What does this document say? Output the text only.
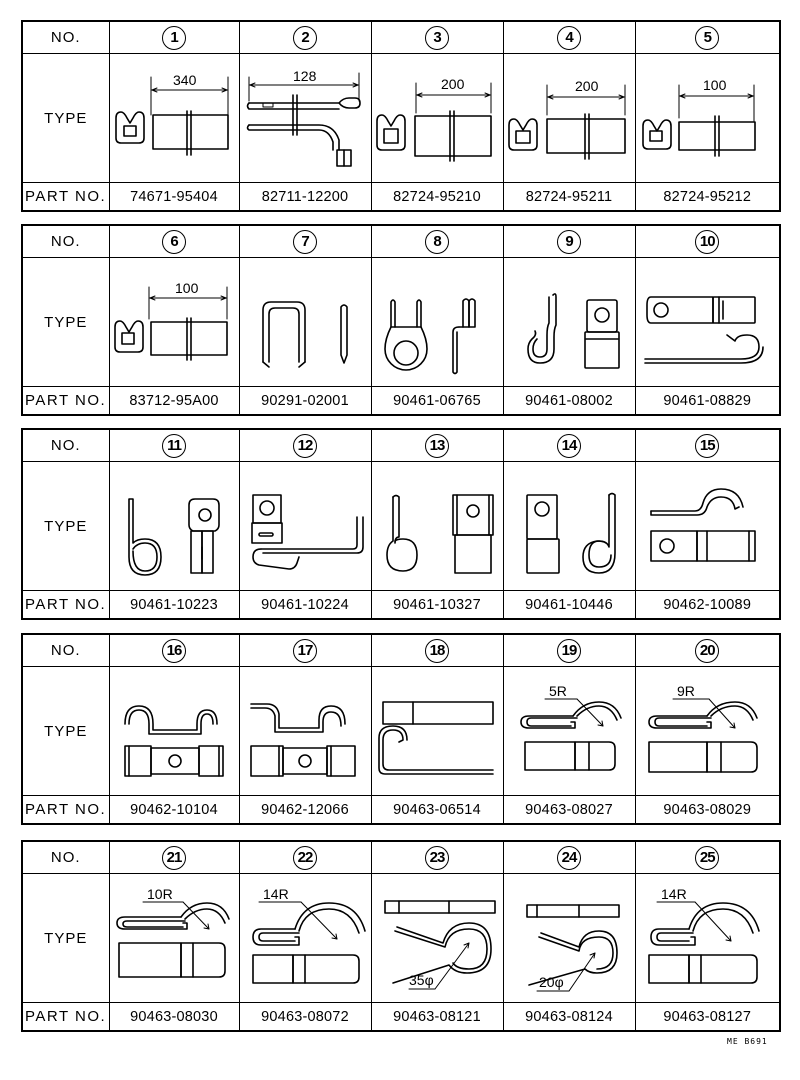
NO.	1	2	3	4	5
TYPE	340	128	200	200	100

PART NO.	74671-95404	82711-12200	82724-95210	82724-95211	82724-95212
NO.	6	7	8	9	10
TYPE	100

PART NO.	83712-95A00	90291-02001	90461-06765	90461-08002	90461-08829
NO.	11	12	13	14	15
TYPE	

PART NO.	90461-10223	90461-10224	90461-10327	90461-10446	90462-10089
NO.	16	17	18	19	20
TYPE				5R	9R

PART NO.	90462-10104	90462-12066	90463-06514	90463-08027	90463-08029
NO.	21	22	23	24	25
TYPE	10R	14R	35φ	20φ	14R

PART NO.	90463-08030	90463-08072	90463-08121	90463-08124	90463-08127
ME B691
